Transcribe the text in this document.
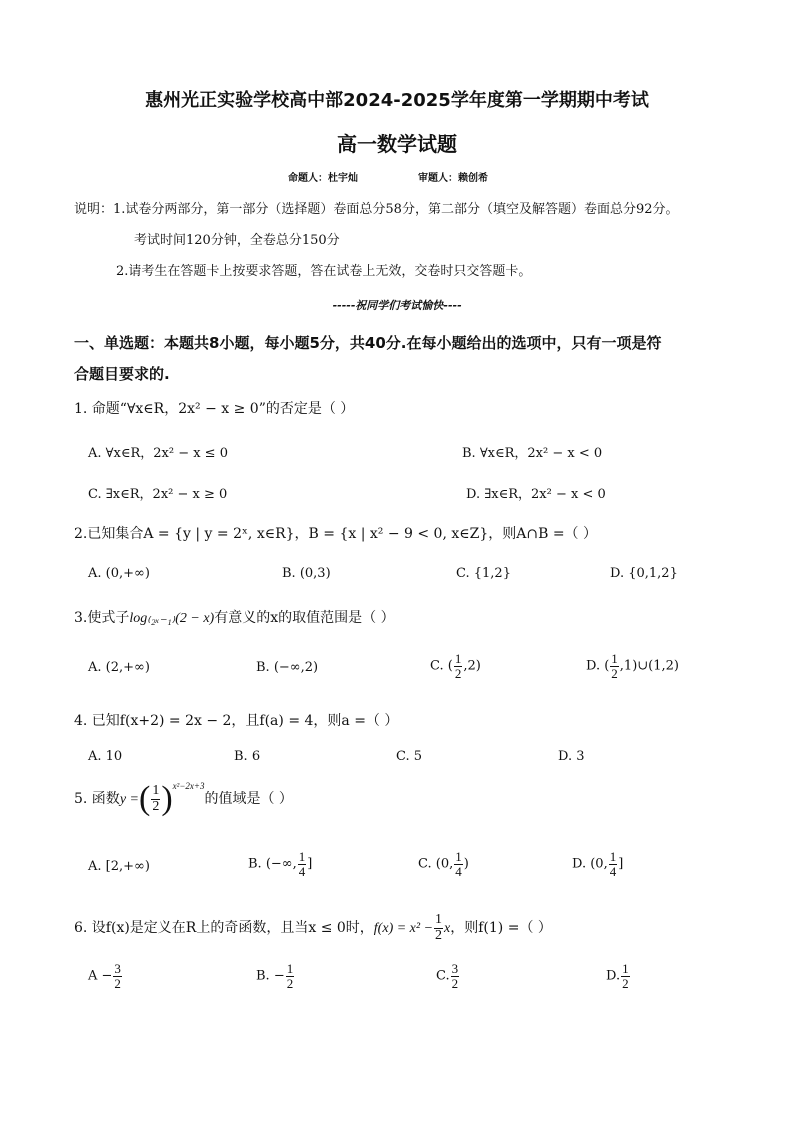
惠州光正实验学校高中部2024-2025学年度第一学期期中考试
高一数学试题
命题人：杜宇灿	审题人：赖创希
说明：1.试卷分两部分，第一部分（选择题）卷面总分58分，第二部分（填空及解答题）卷面总分92分。
考试时间120分钟，全卷总分150分
2.请考生在答题卡上按要求答题，答在试卷上无效，交卷时只交答题卡。
-----祝同学们考试愉快----
一、单选题：本题共8小题，每小题5分，共40分.在每小题给出的选项中，只有一项是符
合题目要求的.
1. 命题“∀x∈R，2x² − x ≥ 0”的否定是（ ）
A. ∀x∈R，2x² − x ≤ 0	B. ∀x∈R，2x² − x < 0
C. ∃x∈R，2x² − x ≥ 0	D. ∃x∈R，2x² − x < 0
2.已知集合A = {y | y = 2ˣ, x∈R}，B = {x | x² − 9 < 0, x∈Z}，则A∩B =（ ）
A. (0,+∞)	B. (0,3)	C. {1,2}	D. {0,1,2}
3.使式子log₍₂ₓ₋₁₎(2 − x)有意义的x的取值范围是（ ）
A. (2,+∞)	B. (−∞,2)	C. ( $\frac{1}{2} ,2$)	D. ( $\frac{1}{2}$ ,1)∪(1,2)
4. 已知f(x+2) = 2x − 2，且f(a) = 4，则a =（ ）
A. 10	B. 6	C. 5	D. 3
5. 函数y =( $\frac{1}{2} )^{x^2-2x+3}$的值域是（ ）
A. [2,+∞)	B. (−∞, $\frac{1}{4}$ ]	C. (0, $\frac{1}{4}$ )	D. (0, $\frac{1}{4}$ ]
6. 设f(x)是定义在R上的奇函数，且当x ≤ 0时，$f(x) = x^2 - \frac{1}{2}$ x，则f(1) =（ ）
$A - \frac{3}{2}$	B. − $\frac{1}{2}$	C. $\frac{3}{2}$	D. $\frac{1}{2}$
